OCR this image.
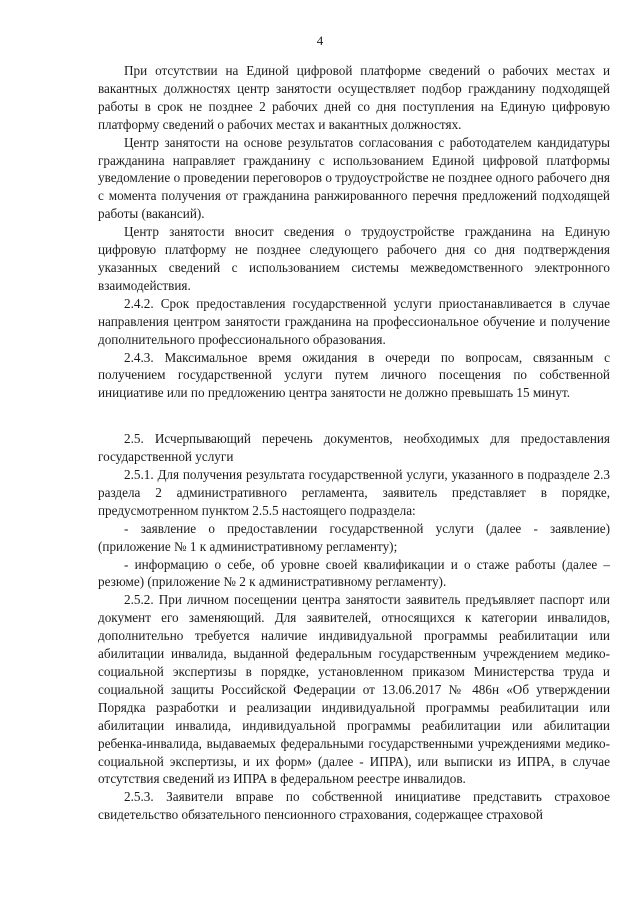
4

При отсутствии на Единой цифровой платформе сведений о рабочих местах и вакантных должностях центр занятости осуществляет подбор гражданину подходящей работы в срок не позднее 2 рабочих дней со дня поступления на Единую цифровую платформу сведений о рабочих местах и вакантных должностях.

Центр занятости на основе результатов согласования с работодателем кандидатуры гражданина направляет гражданину с использованием Единой цифровой платформы уведомление о проведении переговоров о трудоустройстве не позднее одного рабочего дня с момента получения от гражданина ранжированного перечня предложений подходящей работы (вакансий).

Центр занятости вносит сведения о трудоустройстве гражданина на Единую цифровую платформу не позднее следующего рабочего дня со дня подтверждения указанных сведений с использованием системы межведомственного электронного взаимодействия.

2.4.2. Срок предоставления государственной услуги приостанавливается в случае направления центром занятости гражданина на профессиональное обучение и получение дополнительного профессионального образования.

2.4.3. Максимальное время ожидания в очереди по вопросам, связанным с получением государственной услуги путем личного посещения по собственной инициативе или по предложению центра занятости не должно превышать 15 минут.

2.5. Исчерпывающий перечень документов, необходимых для предоставления государственной услуги

2.5.1. Для получения результата государственной услуги, указанного в подразделе 2.3 раздела 2 административного регламента, заявитель представляет в порядке, предусмотренном пунктом 2.5.5 настоящего подраздела:

- заявление о предоставлении государственной услуги (далее - заявление) (приложение № 1 к административному регламенту);

- информацию о себе, об уровне своей квалификации и о стаже работы (далее – резюме) (приложение № 2 к административному регламенту).

2.5.2. При личном посещении центра занятости заявитель предъявляет паспорт или документ его заменяющий. Для заявителей, относящихся к категории инвалидов, дополнительно требуется наличие индивидуальной программы реабилитации или абилитации инвалида, выданной федеральным государственным учреждением медико-социальной экспертизы в порядке, установленном приказом Министерства труда и социальной защиты Российской Федерации от 13.06.2017 № 486н «Об утверждении Порядка разработки и реализации индивидуальной программы реабилитации или абилитации инвалида, индивидуальной программы реабилитации или абилитации ребенка-инвалида, выдаваемых федеральными государственными учреждениями медико-социальной экспертизы, и их форм» (далее - ИПРА), или выписки из ИПРА, в случае отсутствия сведений из ИПРА в федеральном реестре инвалидов.

2.5.3. Заявители вправе по собственной инициативе представить страховое свидетельство обязательного пенсионного страхования, содержащее страховой
